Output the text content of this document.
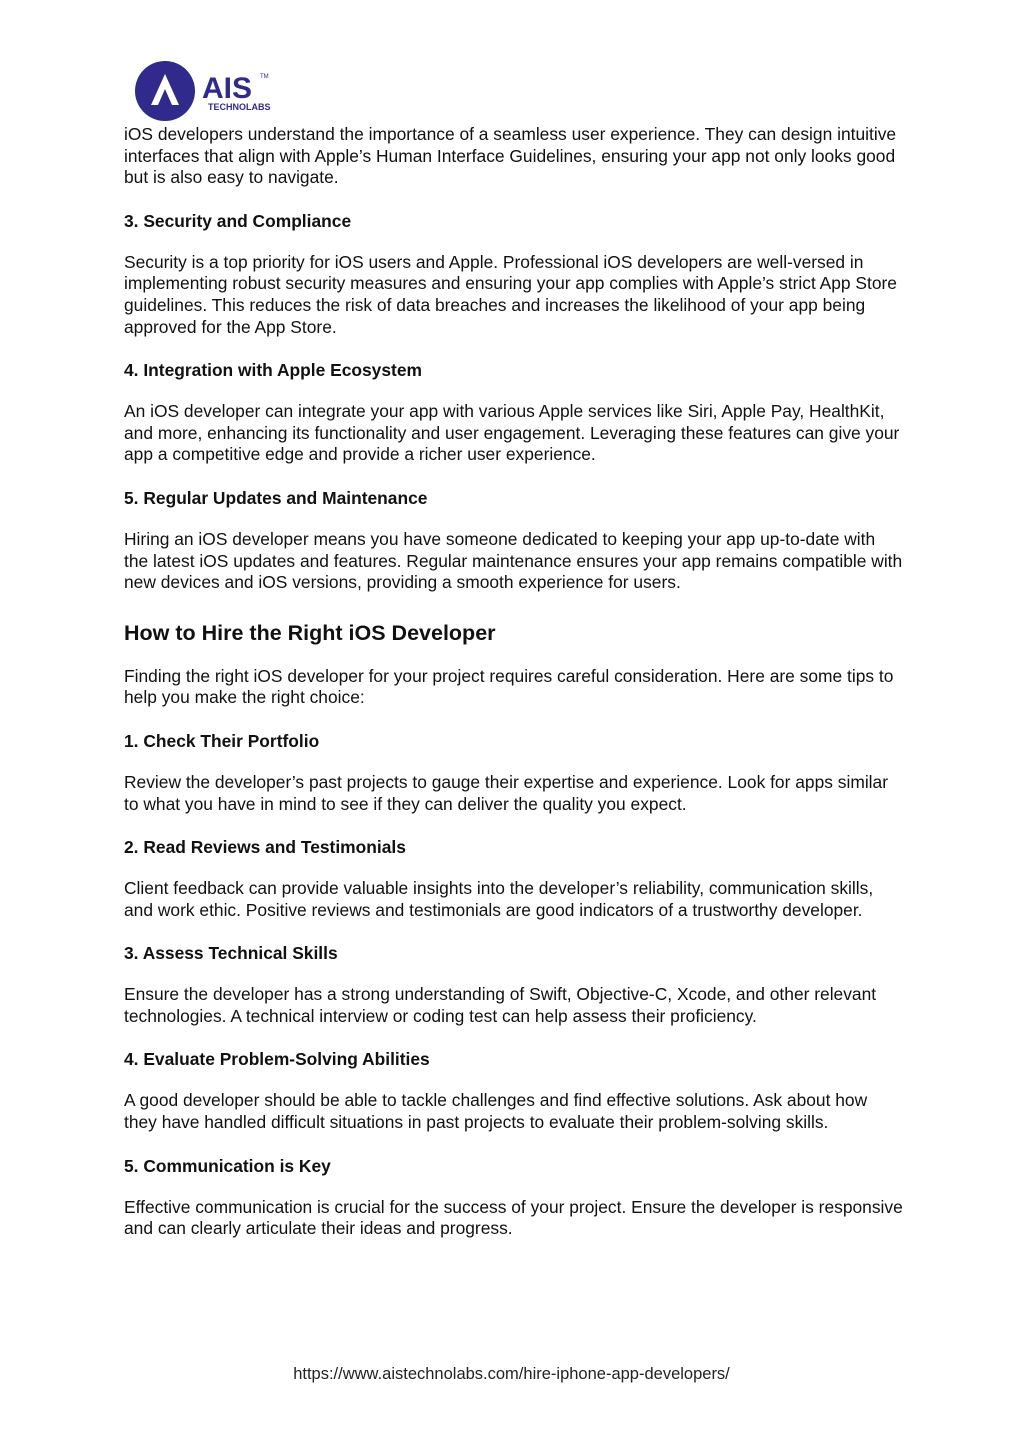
AIS TM
TECHNOLABS

iOS developers understand the importance of a seamless user experience. They can design intuitive interfaces that align with Apple’s Human Interface Guidelines, ensuring your app not only looks good but is also easy to navigate.

3. Security and Compliance

Security is a top priority for iOS users and Apple. Professional iOS developers are well-versed in implementing robust security measures and ensuring your app complies with Apple’s strict App Store guidelines. This reduces the risk of data breaches and increases the likelihood of your app being approved for the App Store.

4. Integration with Apple Ecosystem

An iOS developer can integrate your app with various Apple services like Siri, Apple Pay, HealthKit, and more, enhancing its functionality and user engagement. Leveraging these features can give your app a competitive edge and provide a richer user experience.

5. Regular Updates and Maintenance

Hiring an iOS developer means you have someone dedicated to keeping your app up-to-date with the latest iOS updates and features. Regular maintenance ensures your app remains compatible with new devices and iOS versions, providing a smooth experience for users.

How to Hire the Right iOS Developer

Finding the right iOS developer for your project requires careful consideration. Here are some tips to help you make the right choice:

1. Check Their Portfolio

Review the developer’s past projects to gauge their expertise and experience. Look for apps similar to what you have in mind to see if they can deliver the quality you expect.

2. Read Reviews and Testimonials

Client feedback can provide valuable insights into the developer’s reliability, communication skills, and work ethic. Positive reviews and testimonials are good indicators of a trustworthy developer.

3. Assess Technical Skills

Ensure the developer has a strong understanding of Swift, Objective-C, Xcode, and other relevant technologies. A technical interview or coding test can help assess their proficiency.

4. Evaluate Problem-Solving Abilities

A good developer should be able to tackle challenges and find effective solutions. Ask about how they have handled difficult situations in past projects to evaluate their problem-solving skills.

5. Communication is Key

Effective communication is crucial for the success of your project. Ensure the developer is responsive and can clearly articulate their ideas and progress.

https://www.aistechnolabs.com/hire-iphone-app-developers/
